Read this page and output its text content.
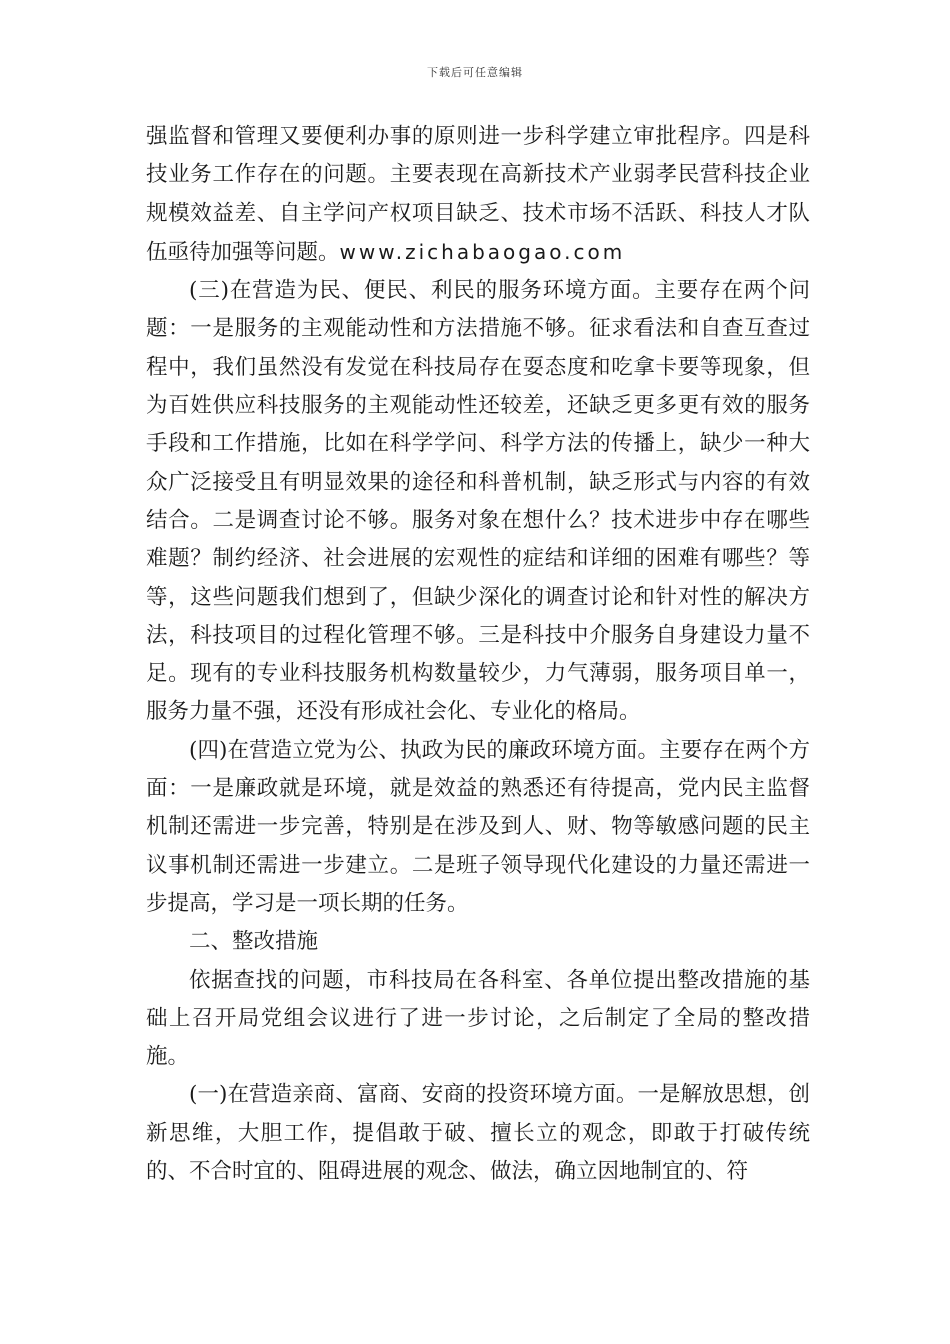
下载后可任意编辑

强监督和管理又要便利办事的原则进一步科学建立审批程序。四是科技业务工作存在的问题。主要表现在高新技术产业弱孝民营科技企业规模效益差、自主学问产权项目缺乏、技术市场不活跃、科技人才队伍亟待加强等问题。www.zichabaogao.com

(三)在营造为民、便民、利民的服务环境方面。主要存在两个问题：一是服务的主观能动性和方法措施不够。征求看法和自查互查过程中，我们虽然没有发觉在科技局存在耍态度和吃拿卡要等现象，但为百姓供应科技服务的主观能动性还较差，还缺乏更多更有效的服务手段和工作措施，比如在科学学问、科学方法的传播上，缺少一种大众广泛接受且有明显效果的途径和科普机制，缺乏形式与内容的有效结合。二是调查讨论不够。服务对象在想什么？技术进步中存在哪些难题？制约经济、社会进展的宏观性的症结和详细的困难有哪些？等等，这些问题我们想到了，但缺少深化的调查讨论和针对性的解决方法，科技项目的过程化管理不够。三是科技中介服务自身建设力量不足。现有的专业科技服务机构数量较少，力气薄弱，服务项目单一，服务力量不强，还没有形成社会化、专业化的格局。

(四)在营造立党为公、执政为民的廉政环境方面。主要存在两个方面：一是廉政就是环境，就是效益的熟悉还有待提高，党内民主监督机制还需进一步完善，特别是在涉及到人、财、物等敏感问题的民主议事机制还需进一步建立。二是班子领导现代化建设的力量还需进一步提高，学习是一项长期的任务。

二、整改措施

依据查找的问题，市科技局在各科室、各单位提出整改措施的基础上召开局党组会议进行了进一步讨论，之后制定了全局的整改措施。

(一)在营造亲商、富商、安商的投资环境方面。一是解放思想，创新思维，大胆工作，提倡敢于破、擅长立的观念，即敢于打破传统的、不合时宜的、阻碍进展的观念、做法，确立因地制宜的、符
